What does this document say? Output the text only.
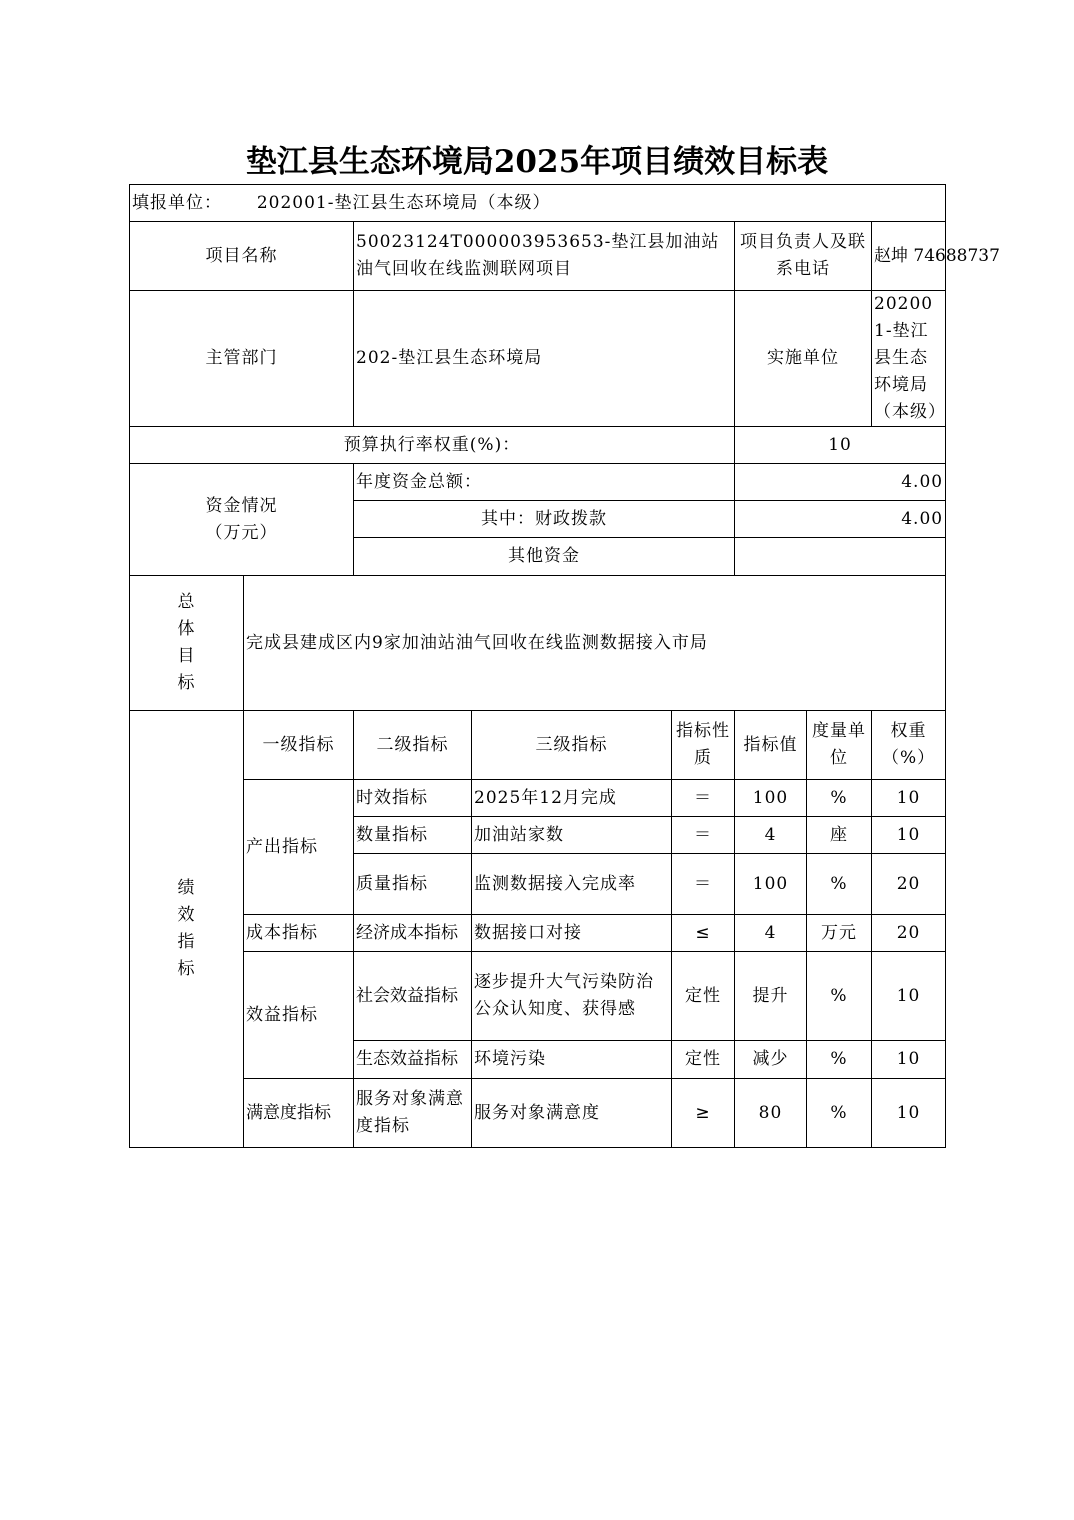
垫江县生态环境局2025年项目绩效目标表
填报单位： 202001-垫江县生态环境局（本级）							
项目名称		50023124T000003953653-垫江县加油站油气回收在线监测联网项目			项目负责人及联系电话		赵坤 74688737
主管部门		202-垫江县生态环境局			实施单位		202001-垫江县生态环境局（本级）
预算执行率权重(%)：					10		

资金情况
（万元）		年度资金总额：			4.00		
		其中：财政拨款			4.00		
		其他资金					

总
体
目
标	完成县建成区内9家加油站油气回收在线监测数据接入市局						

绩
效
指
标	一级指标	二级指标	三级指标	指标性质	指标值	度量单位	权重（%）
	产出指标	时效指标	2025年12月完成	＝	100	%	10
		数量指标	加油站家数	＝	4	座	10
		质量指标	监测数据接入完成率	＝	100	%	20
	成本指标	经济成本指标	数据接口对接	≤	4	万元	20
	效益指标	社会效益指标	逐步提升大气污染防治公众认知度、获得感	定性	提升	%	10
		生态效益指标	环境污染	定性	减少	%	10
	满意度指标	服务对象满意度指标	服务对象满意度	≥	80	%	10
